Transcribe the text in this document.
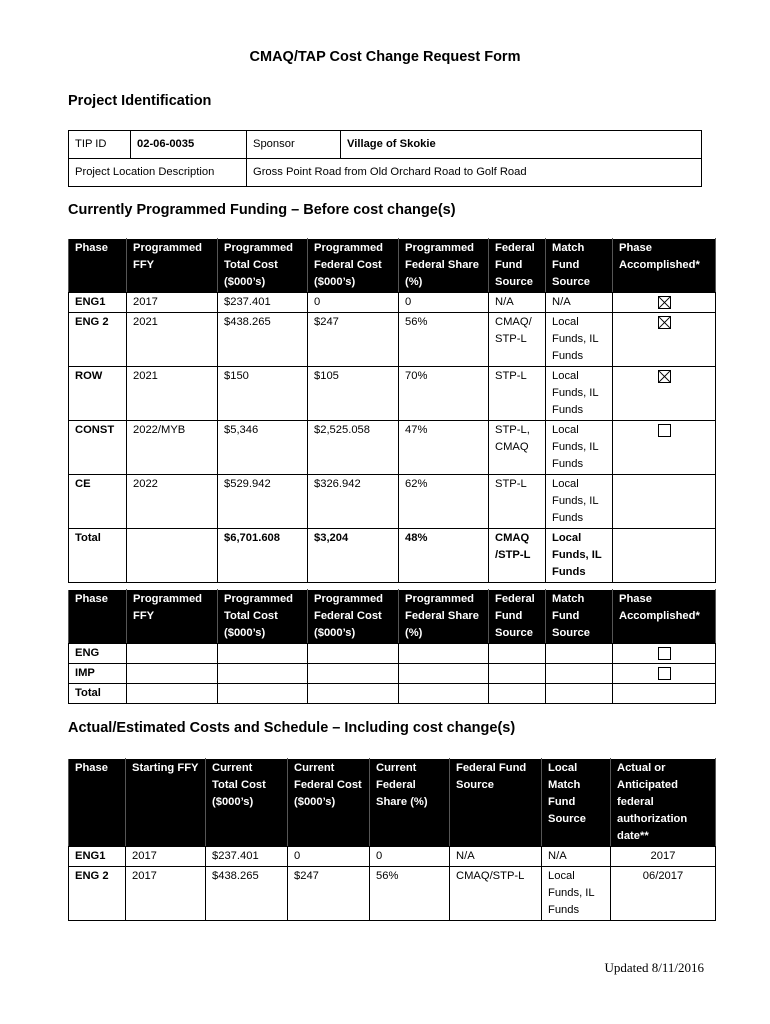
CMAQ/TAP Cost Change Request Form
Project Identification
TIP ID	02-06-0035	Sponsor	Village of Skokie
Project Location Description		Gross Point Road from Old Orchard Road to Golf Road	
Currently Programmed Funding – Before cost change(s)
Phase	Programmed FFY	Programmed Total Cost ($000’s)	Programmed Federal Cost ($000’s)	Programmed Federal Share (%)	Federal Fund Source	Match Fund Source	Phase Accomplished*
ENG1	2017	$237.401	0	0	N/A	N/A	
ENG 2	2021	$438.265	$247	56%	CMAQ/ STP-L	Local Funds, IL Funds	
ROW	2021	$150	$105	70%	STP-L	Local Funds, IL Funds	
CONST	2022/MYB	$5,346	$2,525.058	47%	STP-L, CMAQ	Local Funds, IL Funds	
CE	2022	$529.942	$326.942	62%	STP-L	Local Funds, IL Funds	
Total		$6,701.608	$3,204	48%	CMAQ /STP-L	Local Funds, IL Funds	
Phase	Programmed FFY	Programmed Total Cost ($000’s)	Programmed Federal Cost ($000’s)	Programmed Federal Share (%)	Federal Fund Source	Match Fund Source	Phase Accomplished*
ENG							
IMP							
Total							
Actual/Estimated Costs and Schedule – Including cost change(s)
Phase	Starting FFY	Current Total Cost ($000’s)	Current Federal Cost ($000’s)	Current Federal Share (%)	Federal Fund Source	Local Match Fund Source	Actual or Anticipated federal authorization date**
ENG1	2017	$237.401	0	0	N/A	N/A	2017
ENG 2	2017	$438.265	$247	56%	CMAQ/STP-L	Local Funds, IL Funds	06/2017
Updated 8/11/2016
